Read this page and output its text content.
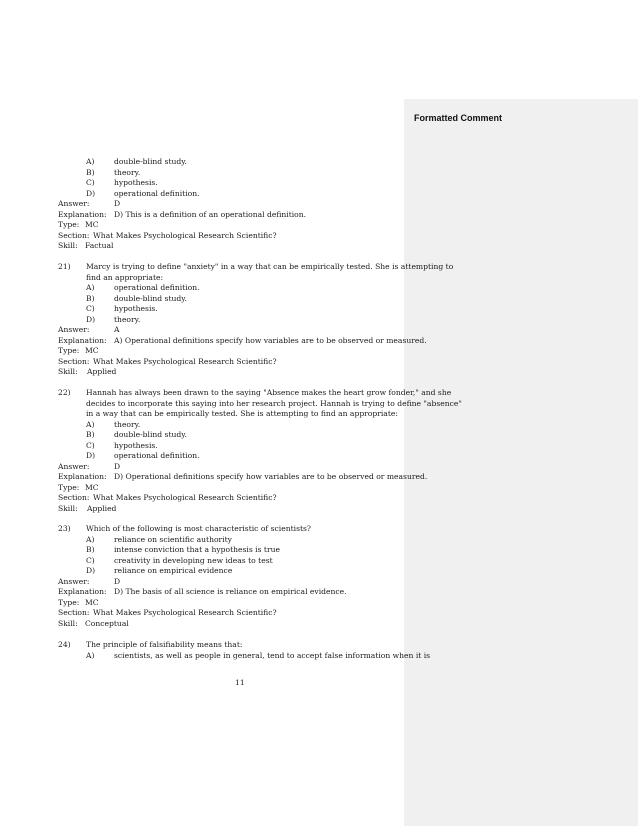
Formatted Comment
A)	double-blind study.
B)	theory.
C)	hypothesis.
D) operational definition.
Answer:	D
Explanation: D) This is a definition of an operational definition.
Type: MC
Section: What Makes Psychological Research Scientific?
Skill: Factual
21) Marcy is trying to define "anxiety" in a way that can be empirically tested. She is attempting to
find an appropriate:
A)	operational definition.
B)	double-blind study.
C)	hypothesis.
D) theory.
Answer:	A
Explanation: A) Operational definitions specify how variables are to be observed or measured.
Type: MC
Section: What Makes Psychological Research Scientific?
Skill: Applied
22) Hannah has always been drawn to the saying "Absence makes the heart grow fonder," and she
decides to incorporate this saying into her research project. Hannah is trying to define "absence"
in a way that can be empirically tested. She is attempting to find an appropriate:
A)	theory.
B)	double-blind study.
C)	hypothesis.
D) operational definition.
Answer:	D
Explanation: D) Operational definitions specify how variables are to be observed or measured.
Type: MC
Section: What Makes Psychological Research Scientific?
Skill: Applied
23) Which of the following is most characteristic of scientists?
A)	reliance on scientific authority
B)	intense conviction that a hypothesis is true
C)	creativity in developing new ideas to test
D) reliance on empirical evidence
Answer:	D
Explanation: D) The basis of all science is reliance on empirical evidence.
Type: MC
Section: What Makes Psychological Research Scientific?
Skill: Conceptual
24) The principle of falsifiability means that:
A)	scientists, as well as people in general, tend to accept false information when it is
11
